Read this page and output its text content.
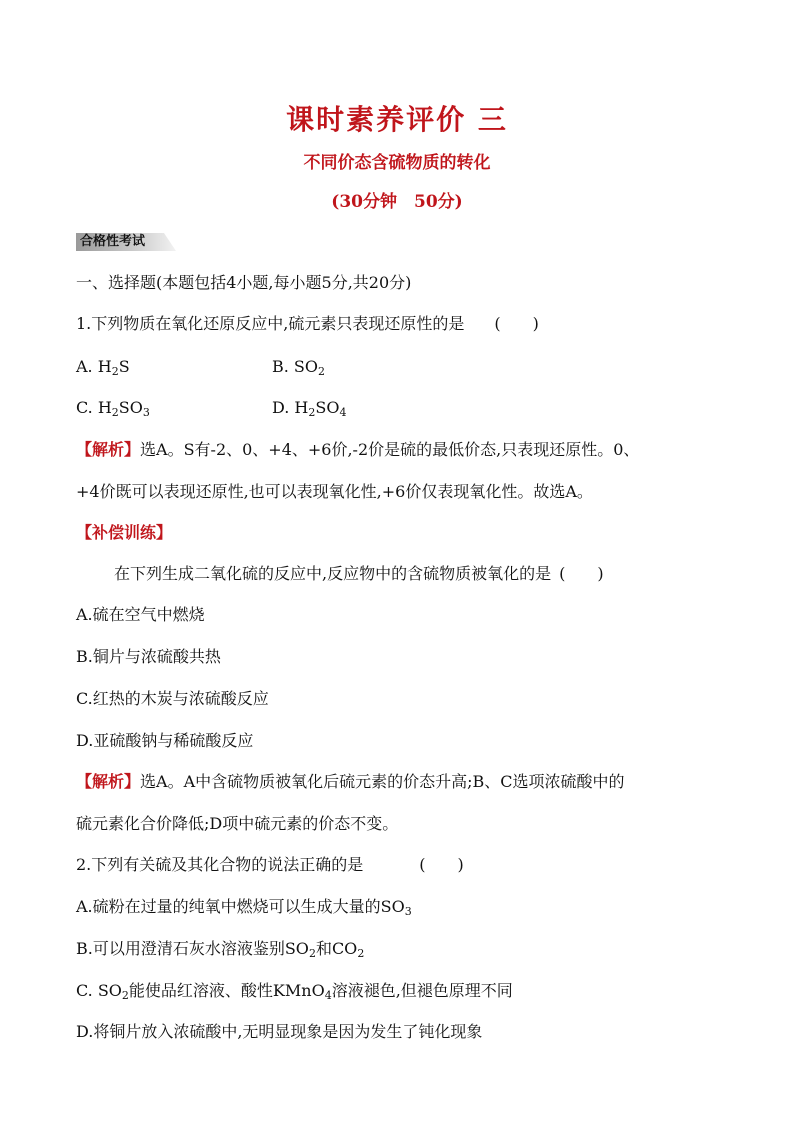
课时素养评价 三
不同价态含硫物质的转化
(30分钟　50分)
合格性考试
一、选择题(本题包括4小题,每小题5分,共20分)
1.下列物质在氧化还原反应中,硫元素只表现还原性的是 (　　)
A. $H_2S$	B. $SO_2$
C. $H_2SO_3$	D. $H_2SO_4$
【解析】选A。S有-2、0、+4、+6价,-2价是硫的最低价态,只表现还原性。0、
+4价既可以表现还原性,也可以表现氧化性,+6价仅表现氧化性。故选A。
【补偿训练】
在下列生成二氧化硫的反应中,反应物中的含硫物质被氧化的是 (　　)
A.硫在空气中燃烧
B.铜片与浓硫酸共热
C.红热的木炭与浓硫酸反应
D.亚硫酸钠与稀硫酸反应
【解析】选A。A中含硫物质被氧化后硫元素的价态升高;B、C选项浓硫酸中的
硫元素化合价降低;D项中硫元素的价态不变。
2.下列有关硫及其化合物的说法正确的是	(　　)
A.硫粉在过量的纯氧中燃烧可以生成大量的$SO_3$
B.可以用澄清石灰水溶液鉴别$SO_2$和$CO_2$
C. $SO_2$能使品红溶液、酸性KMnO$_4$溶液褪色,但褪色原理不同
D.将铜片放入浓硫酸中,无明显现象是因为发生了钝化现象
